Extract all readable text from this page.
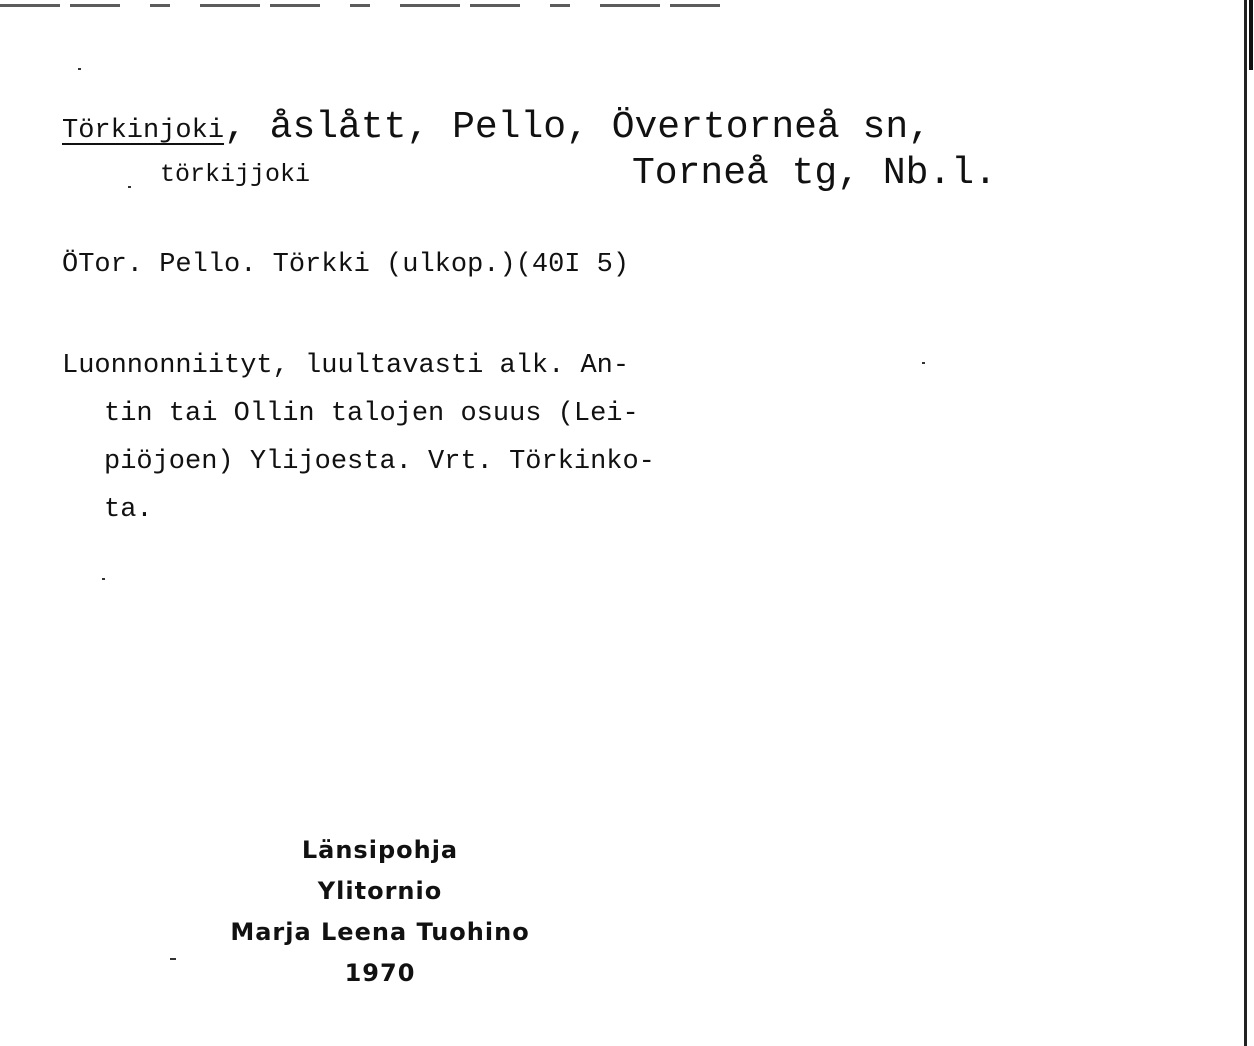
Törkinjoki, åslått, Pello, Övertorneå sn,
törkijjoki	Torneå tg, Nb.l.
ÖTor. Pello. Törkki (ulkop.)(40I 5)
Luonnonniityt, luultavasti alk. An-
tin tai Ollin talojen osuus (Lei-
piöjoen) Ylijoesta. Vrt. Törkinko-
ta.
Länsipohja
Ylitornio
Marja Leena Tuohino
1970
